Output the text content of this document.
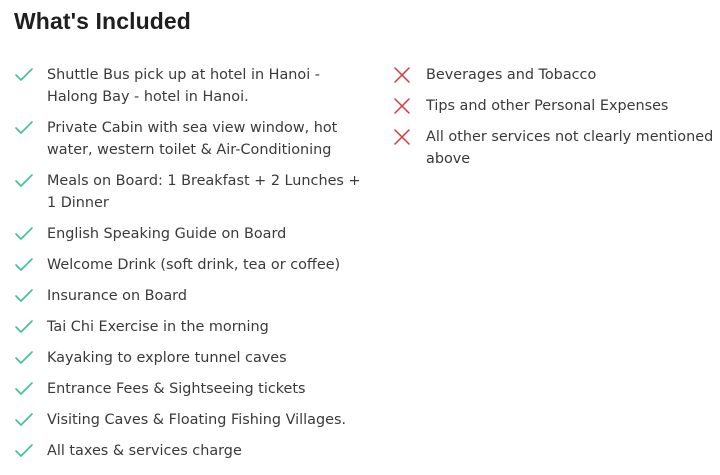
What's Included
Shuttle Bus pick up at hotel in Hanoi - Halong Bay - hotel in Hanoi.
Private Cabin with sea view window, hot water, western toilet & Air-Conditioning
Meals on Board: 1 Breakfast + 2 Lunches + 1 Dinner
English Speaking Guide on Board
Welcome Drink (soft drink, tea or coffee)
Insurance on Board
Tai Chi Exercise in the morning
Kayaking to explore tunnel caves
Entrance Fees & Sightseeing tickets
Visiting Caves & Floating Fishing Villages.
All taxes & services charge
Beverages and Tobacco
Tips and other Personal Expenses
All other services not clearly mentioned above
